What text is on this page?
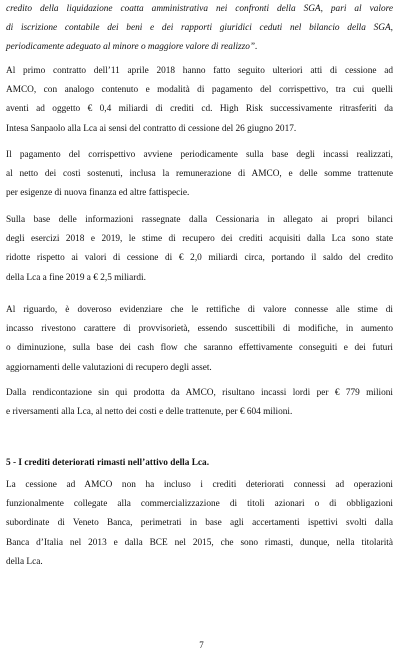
credito della liquidazione coatta amministrativa nei confronti della SGA, pari al valore
di iscrizione contabile dei beni e dei rapporti giuridici ceduti nel bilancio della SGA,
periodicamente adeguato al minore o maggiore valore di realizzo”.
Al primo contratto dell’11 aprile 2018 hanno fatto seguito ulteriori atti di cessione ad
AMCO, con analogo contenuto e modalità di pagamento del corrispettivo, tra cui quelli
aventi ad oggetto € 0,4 miliardi di crediti cd. High Risk successivamente ritrasferiti da
Intesa Sanpaolo alla Lca ai sensi del contratto di cessione del 26 giugno 2017.
Il pagamento del corrispettivo avviene periodicamente sulla base degli incassi realizzati,
al netto dei costi sostenuti, inclusa la remunerazione di AMCO, e delle somme trattenute
per esigenze di nuova finanza ed altre fattispecie.
Sulla base delle informazioni rassegnate dalla Cessionaria in allegato ai propri bilanci
degli esercizi 2018 e 2019, le stime di recupero dei crediti acquisiti dalla Lca sono state
ridotte rispetto ai valori di cessione di € 2,0 miliardi circa, portando il saldo del credito
della Lca a fine 2019 a € 2,5 miliardi.
Al riguardo, è doveroso evidenziare che le rettifiche di valore connesse alle stime di
incasso rivestono carattere di provvisorietà, essendo suscettibili di modifiche, in aumento
o diminuzione, sulla base dei cash flow che saranno effettivamente conseguiti e dei futuri
aggiornamenti delle valutazioni di recupero degli asset.
Dalla rendicontazione sin qui prodotta da AMCO, risultano incassi lordi per € 779 milioni
e riversamenti alla Lca, al netto dei costi e delle trattenute, per € 604 milioni.
5 - I crediti deteriorati rimasti nell’attivo della Lca.
La cessione ad AMCO non ha incluso i crediti deteriorati connessi ad operazioni
funzionalmente collegate alla commercializzazione di titoli azionari o di obbligazioni
subordinate di Veneto Banca, perimetrati in base agli accertamenti ispettivi svolti dalla
Banca d’Italia nel 2013 e dalla BCE nel 2015, che sono rimasti, dunque, nella titolarità
della Lca.
7
